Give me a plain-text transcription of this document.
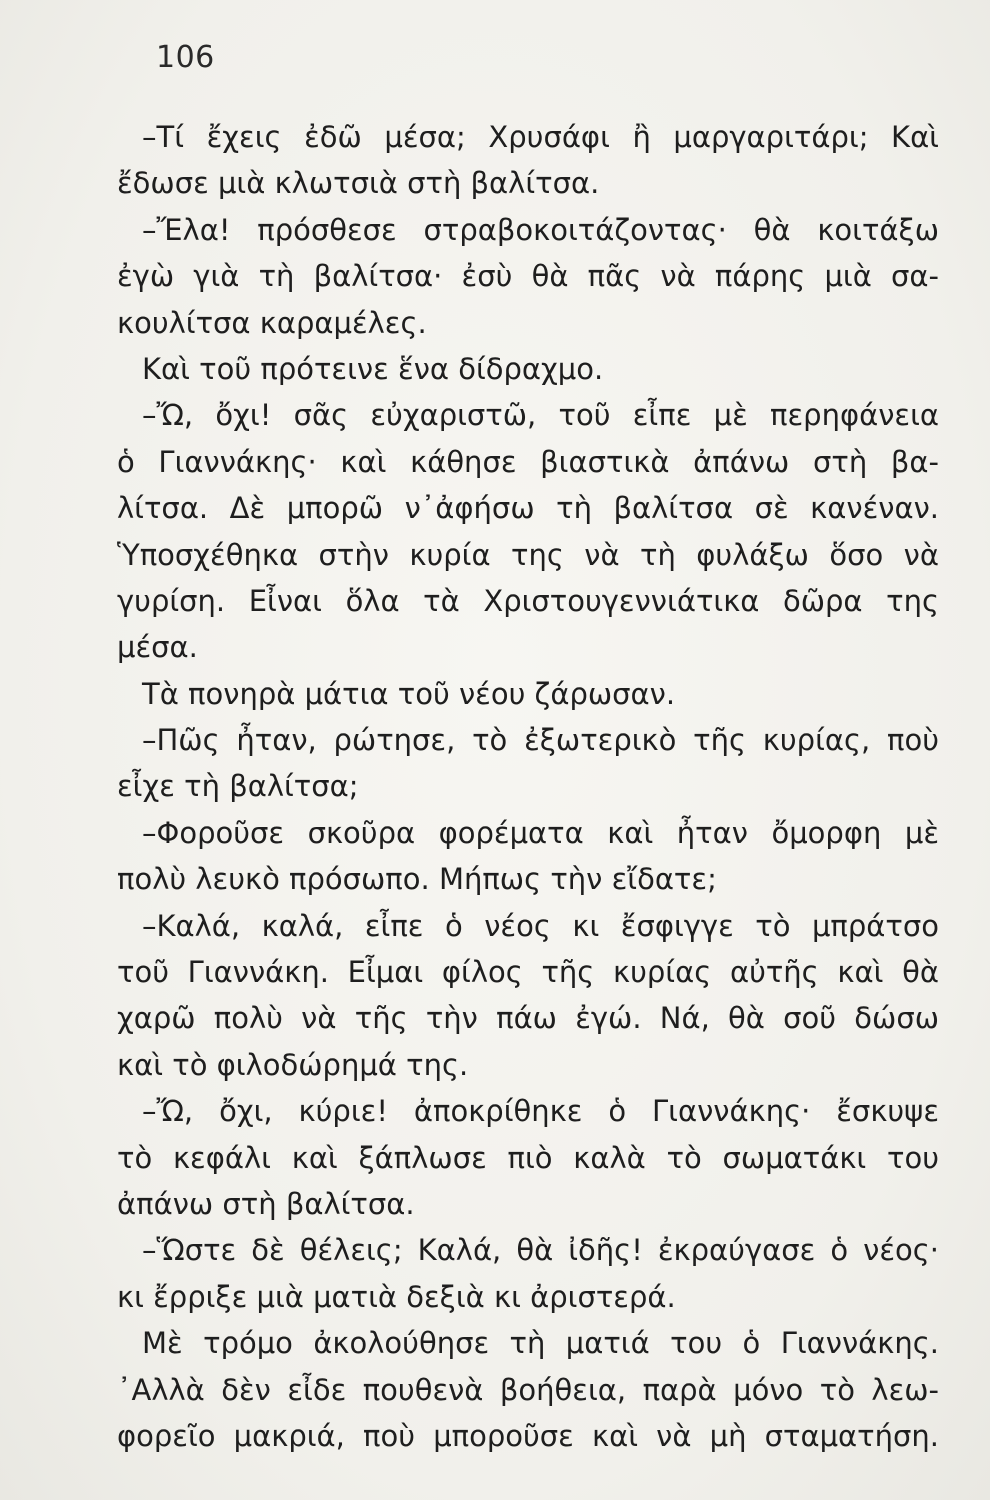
106
–Τί ἔχεις ἐδῶ μέσα; Χρυσάφι ἢ μαργαριτάρι; Καὶ
ἔδωσε μιὰ κλωτσιὰ στὴ βαλίτσα.
–Ἔλα! πρόσθεσε στραβοκοιτάζοντας· θὰ κοιτάξω
ἐγὼ γιὰ τὴ βαλίτσα· ἐσὺ θὰ πᾶς νὰ πάρης μιὰ σα-
κουλίτσα καραμέλες.
Καὶ τοῦ πρότεινε ἕνα δίδραχμο.
–Ὤ, ὄχι! σᾶς εὐχαριστῶ, τοῦ εἶπε μὲ περηφάνεια
ὁ Γιαννάκης· καὶ κάθησε βιαστικὰ ἀπάνω στὴ βα-
λίτσα. Δὲ μπορῶ ν᾿ἀφήσω τὴ βαλίτσα σὲ κανέναν.
Ὑποσχέθηκα στὴν κυρία της νὰ τὴ φυλάξω ὅσο νὰ
γυρίση. Εἶναι ὅλα τὰ Χριστουγεννιάτικα δῶρα της
μέσα.
Τὰ πονηρὰ μάτια τοῦ νέου ζάρωσαν.
–Πῶς ἦταν, ρώτησε, τὸ ἐξωτερικὸ τῆς κυρίας, ποὺ
εἶχε τὴ βαλίτσα;
–Φοροῦσε σκοῦρα φορέματα καὶ ἦταν ὄμορφη μὲ
πολὺ λευκὸ πρόσωπο. Μήπως τὴν εἴδατε;
–Καλά, καλά, εἶπε ὁ νέος κι ἔσφιγγε τὸ μπράτσο
τοῦ Γιαννάκη. Εἶμαι φίλος τῆς κυρίας αὐτῆς καὶ θὰ
χαρῶ πολὺ νὰ τῆς τὴν πάω ἐγώ. Νά, θὰ σοῦ δώσω
καὶ τὸ φιλοδώρημά της.
–Ὤ, ὄχι, κύριε! ἀποκρίθηκε ὁ Γιαννάκης· ἔσκυψε
τὸ κεφάλι καὶ ξάπλωσε πιὸ καλὰ τὸ σωματάκι του
ἀπάνω στὴ βαλίτσα.
–Ὥστε δὲ θέλεις; Καλά, θὰ ἰδῆς! ἐκραύγασε ὁ νέος·
κι ἔρριξε μιὰ ματιὰ δεξιὰ κι ἀριστερά.
Μὲ τρόμο ἀκολούθησε τὴ ματιά του ὁ Γιαννάκης.
᾿Αλλὰ δὲν εἶδε πουθενὰ βοήθεια, παρὰ μόνο τὸ λεω-
φορεῖο μακριά, ποὺ μποροῦσε καὶ νὰ μὴ σταματήση.
